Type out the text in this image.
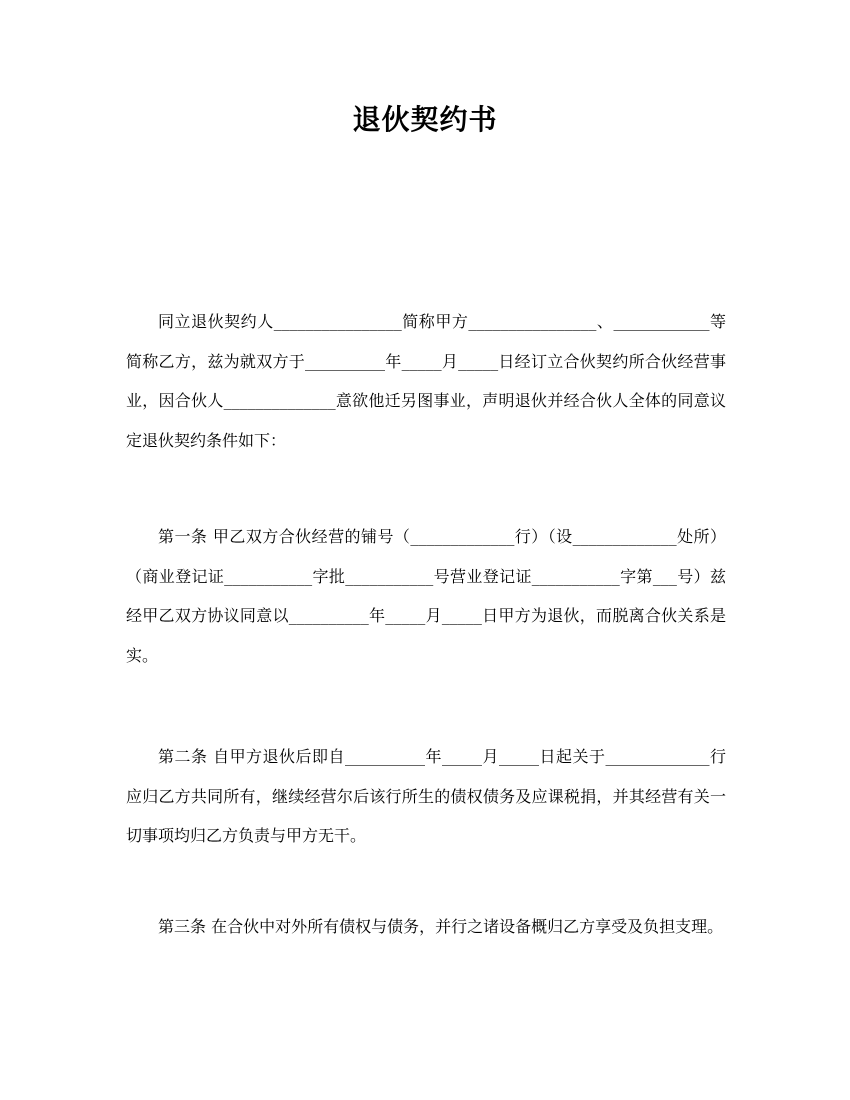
退伙契约书

同立退伙契约人________________简称甲方________________、____________等简称乙方，兹为就双方于__________年_____月_____日经订立合伙契约所合伙经营事业，因合伙人______________意欲他迁另图事业，声明退伙并经合伙人全体的同意议定退伙契约条件如下：

第一条 甲乙双方合伙经营的铺号（_____________行）（设_____________处所）（商业登记证___________字批___________号营业登记证___________字第___号）兹经甲乙双方协议同意以__________年_____月_____日甲方为退伙，而脱离合伙关系是实。

第二条 自甲方退伙后即自__________年_____月_____日起关于_____________行应归乙方共同所有，继续经营尔后该行所生的债权债务及应课税捐，并其经营有关一切事项均归乙方负责与甲方无干。

第三条 在合伙中对外所有债权与债务，并行之诸设备概归乙方享受及负担支理。
